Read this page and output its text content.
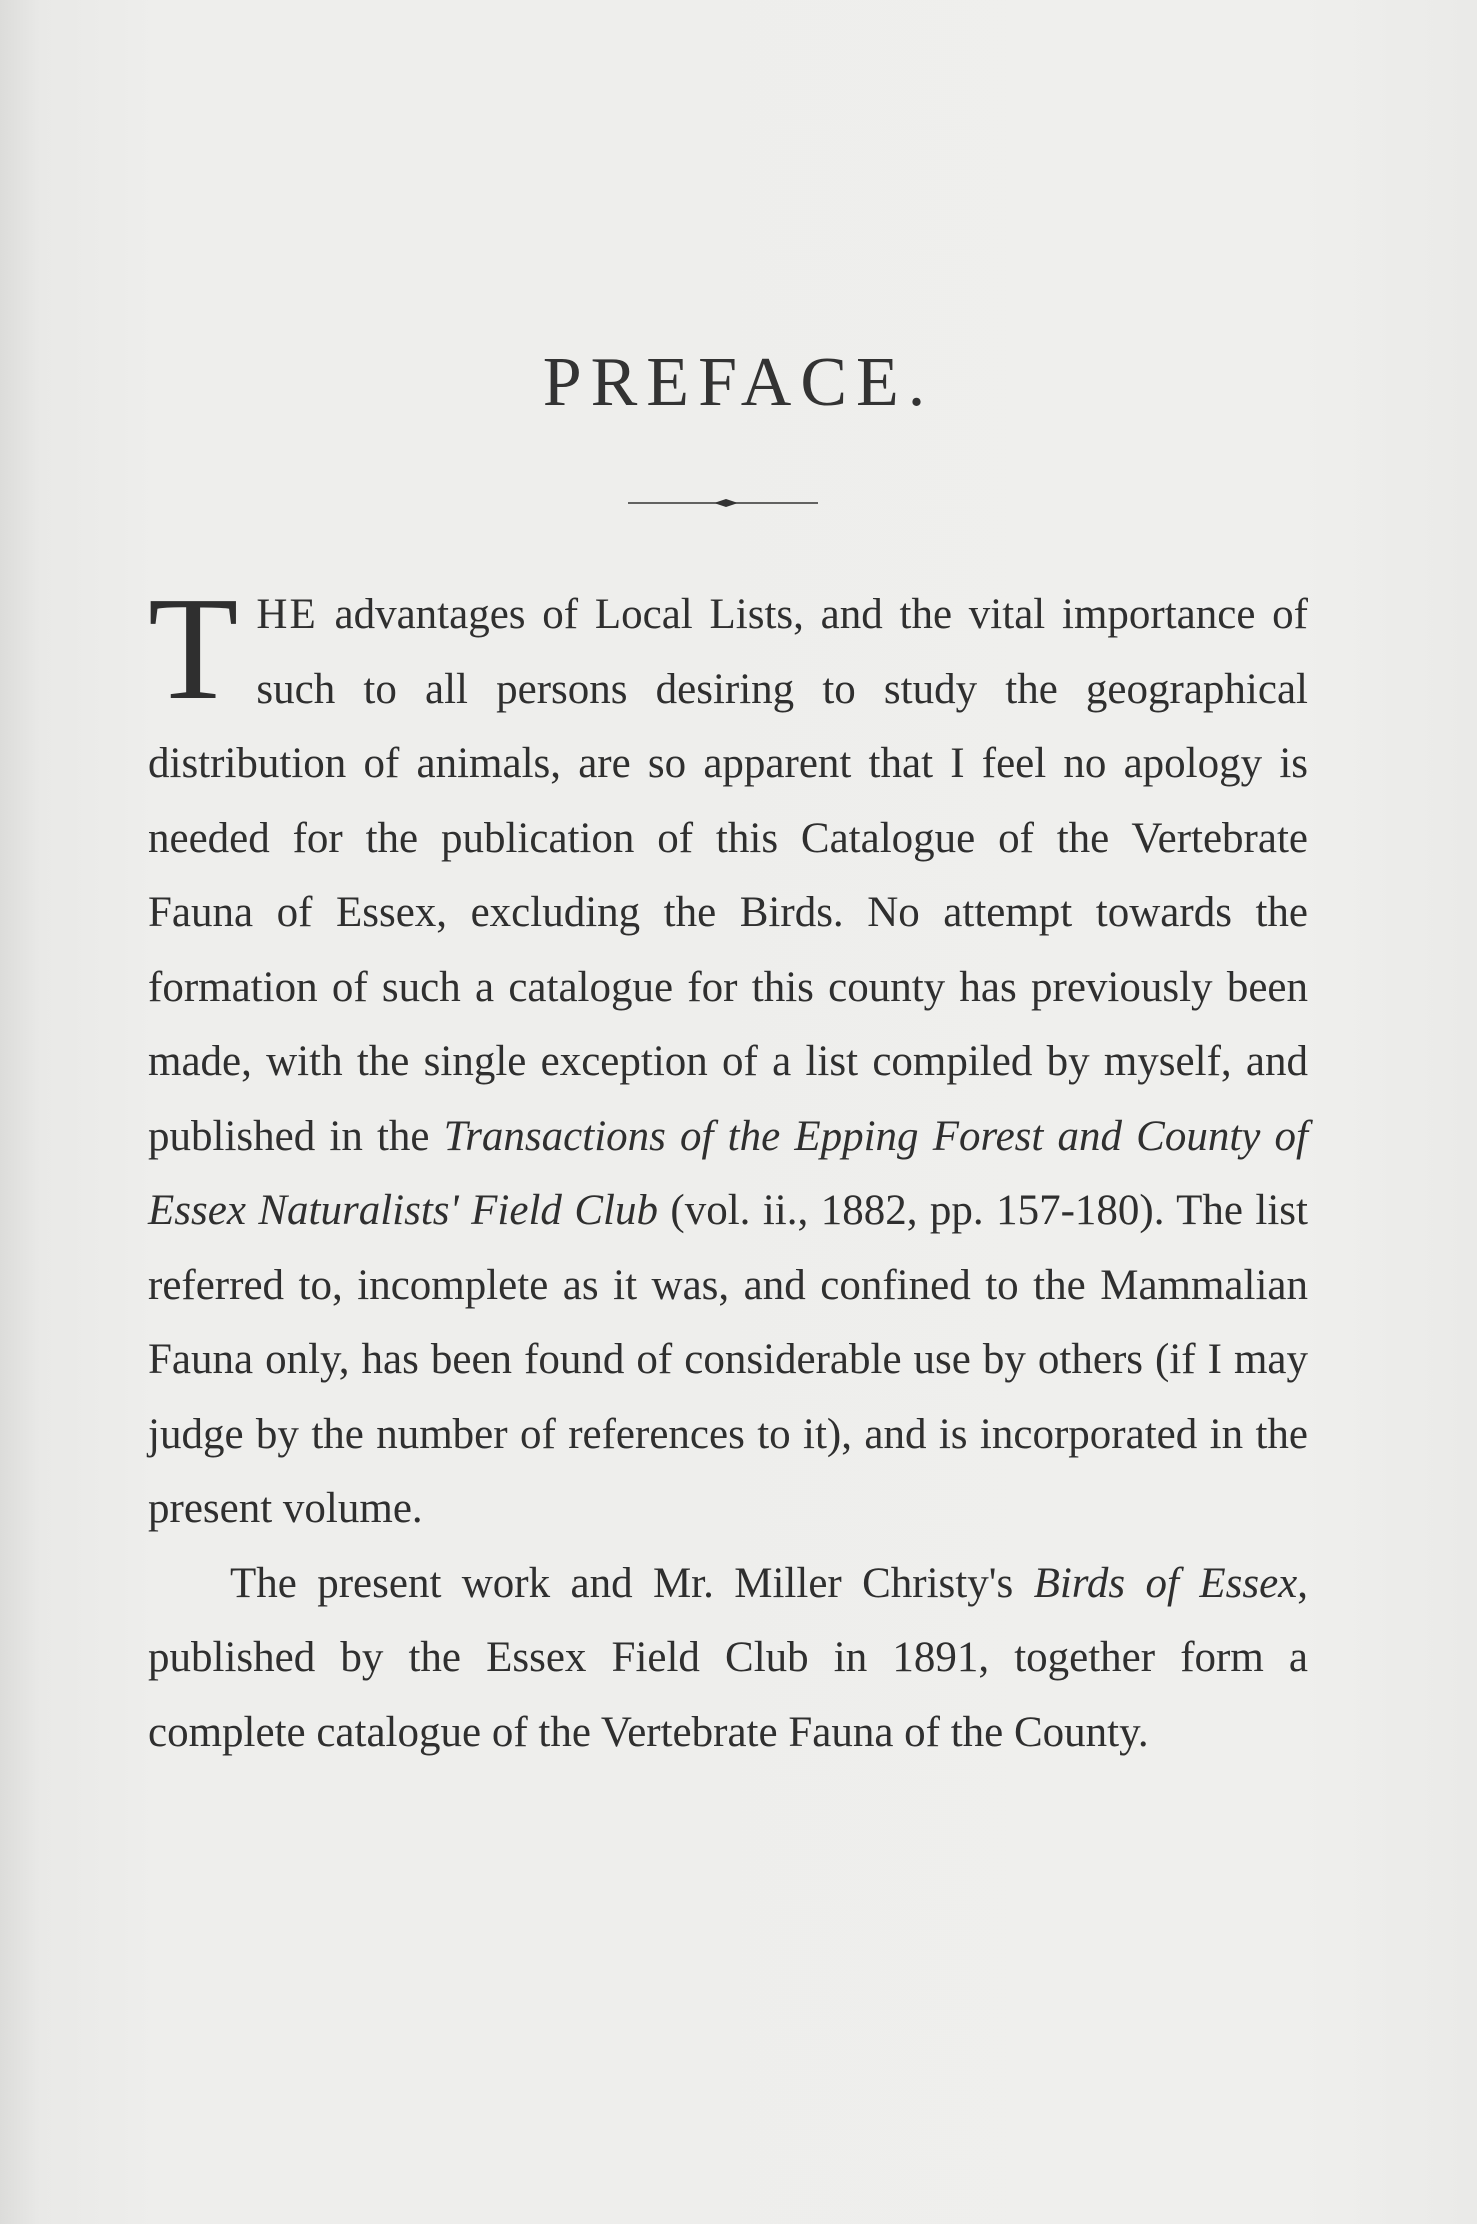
PREFACE.

THE advantages of Local Lists, and the vital importance of such to all persons desiring to study the geographical distribution of animals, are so apparent that I feel no apology is needed for the publication of this Catalogue of the Vertebrate Fauna of Essex, excluding the Birds. No attempt towards the formation of such a catalogue for this county has previously been made, with the single exception of a list compiled by myself, and published in the Transactions of the Epping Forest and County of Essex Naturalists' Field Club (vol. ii., 1882, pp. 157-180). The list referred to, incomplete as it was, and confined to the Mammalian Fauna only, has been found of considerable use by others (if I may judge by the number of references to it), and is incorporated in the present volume.

The present work and Mr. Miller Christy's Birds of Essex, published by the Essex Field Club in 1891, together form a complete catalogue of the Vertebrate Fauna of the County.
